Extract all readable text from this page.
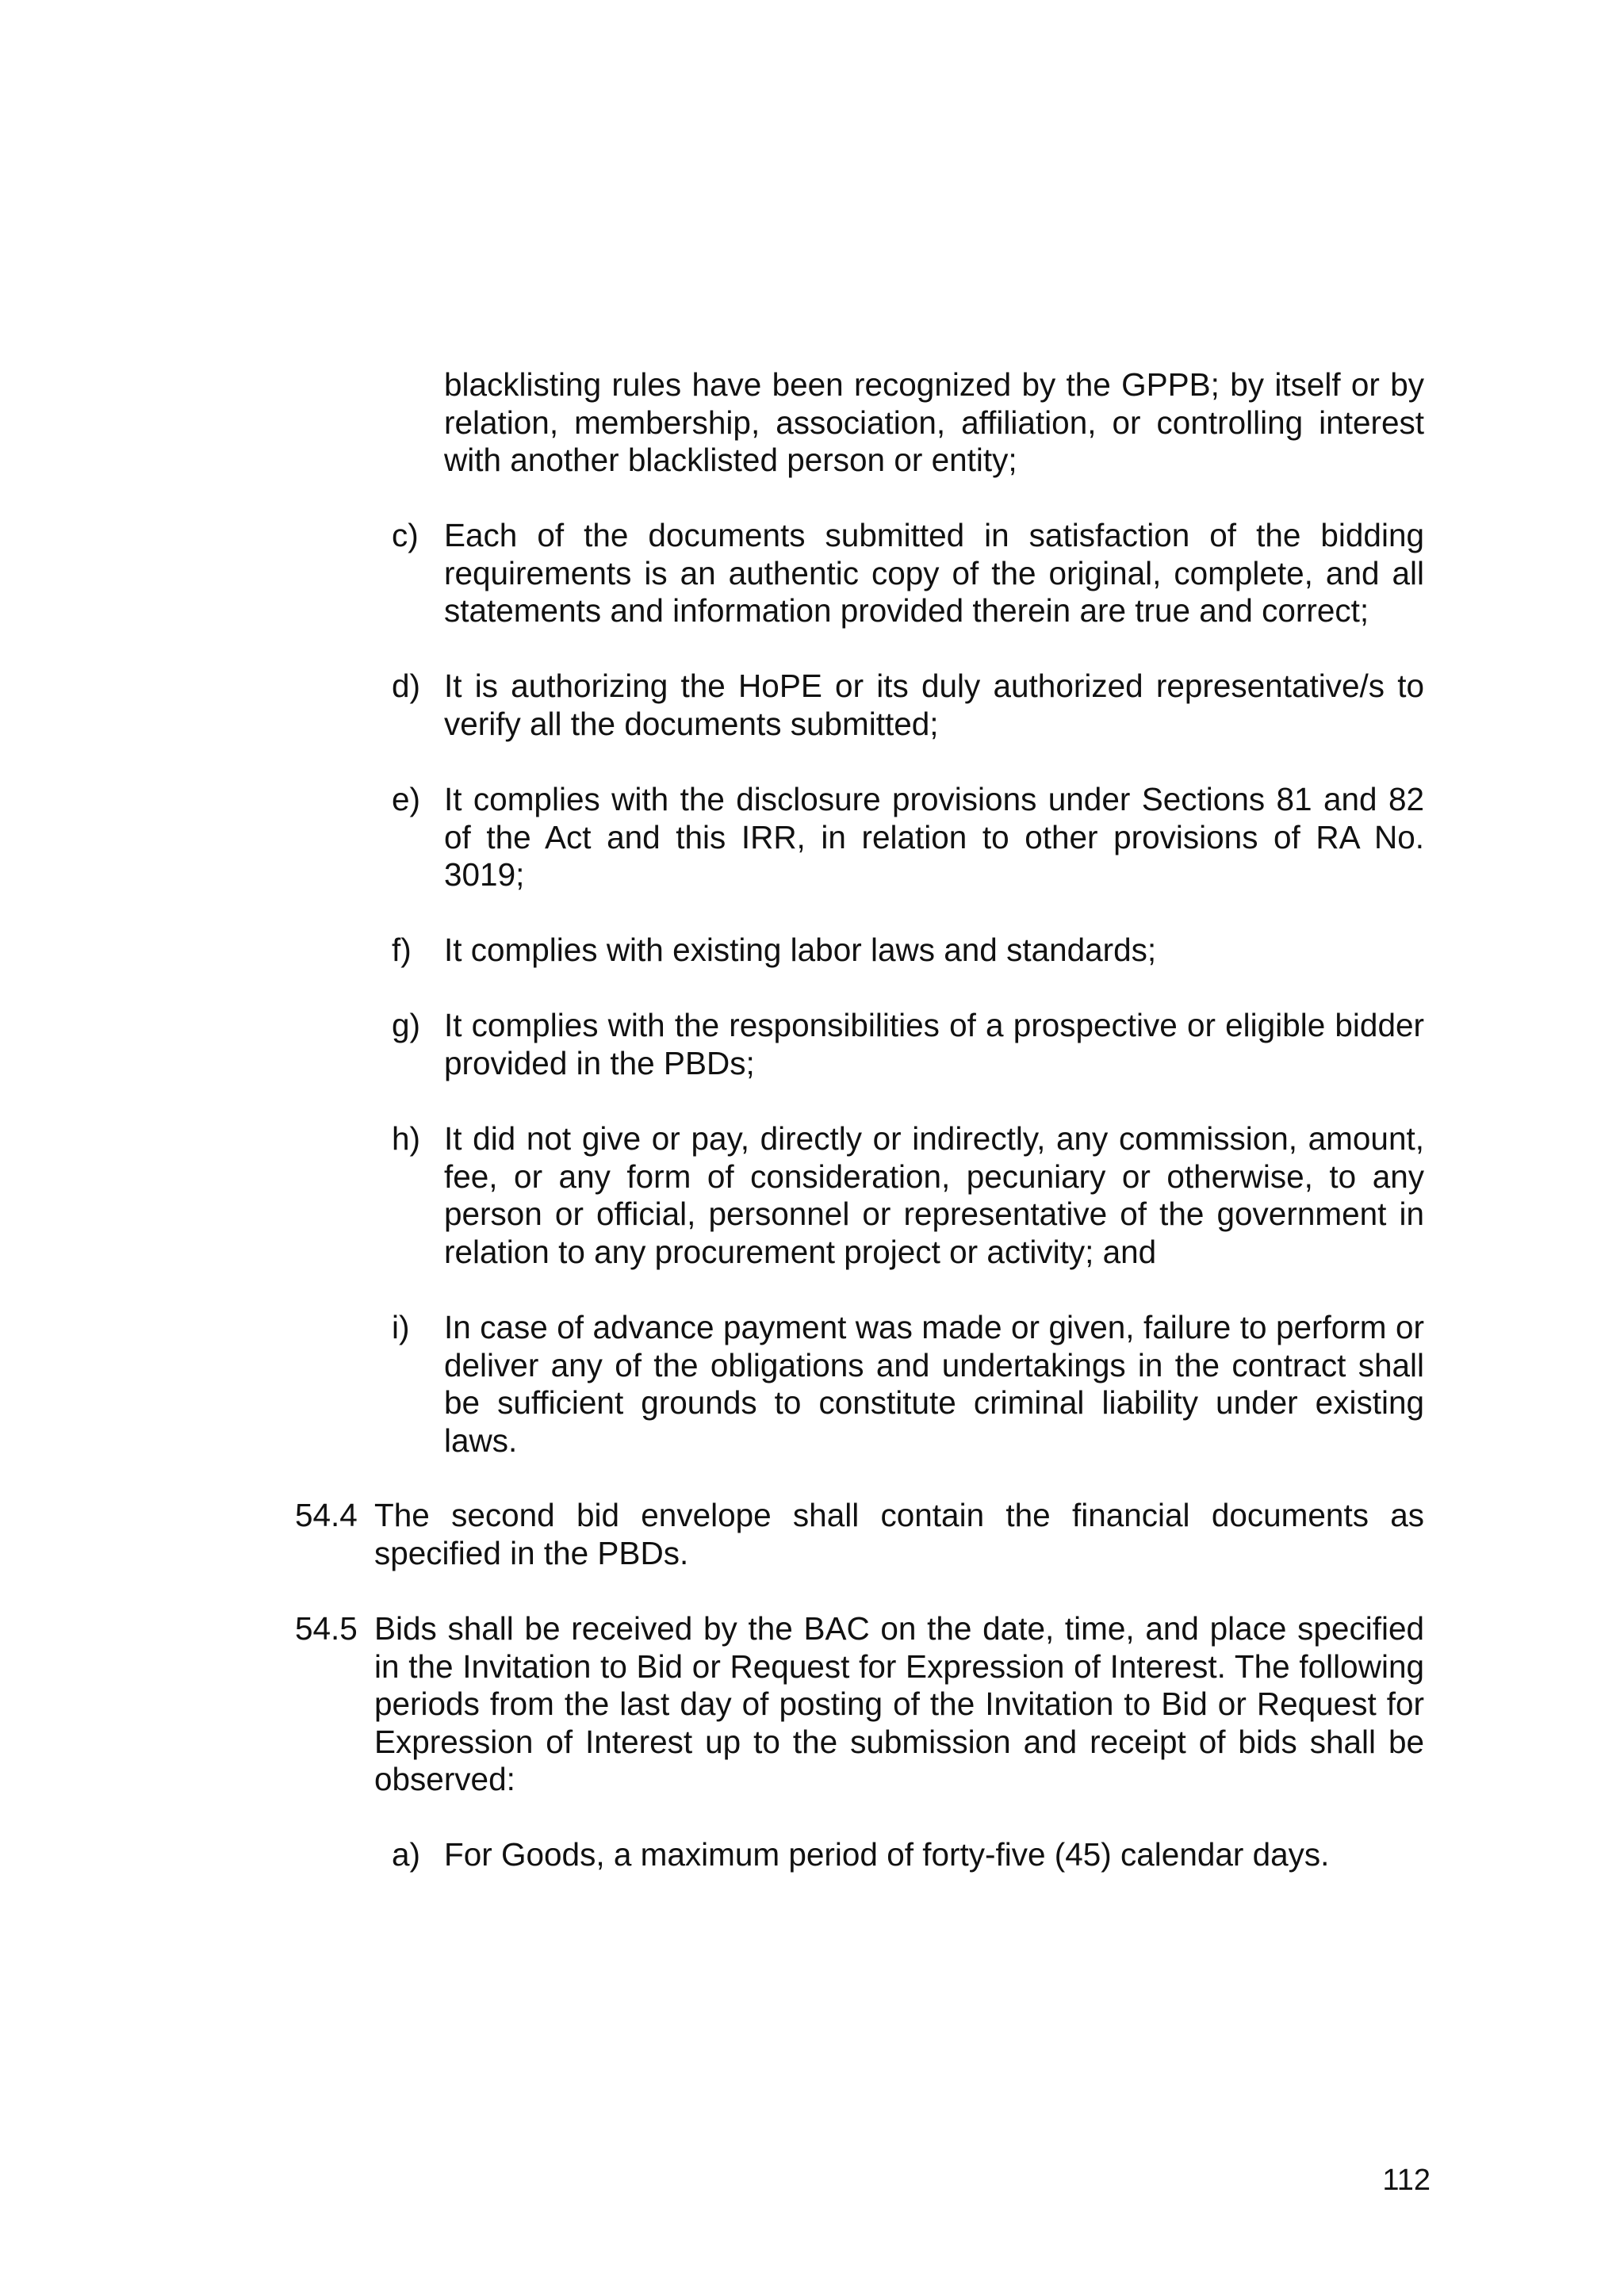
blacklisting rules have been recognized by the GPPB; by itself or by relation, membership, association, affiliation, or controlling interest with another blacklisted person or entity;

c) Each of the documents submitted in satisfaction of the bidding requirements is an authentic copy of the original, complete, and all statements and information provided therein are true and correct;

d) It is authorizing the HoPE or its duly authorized representative/s to verify all the documents submitted;

e) It complies with the disclosure provisions under Sections 81 and 82 of the Act and this IRR, in relation to other provisions of RA No. 3019;

f)	It complies with existing labor laws and standards;

g) It complies with the responsibilities of a prospective or eligible bidder provided in the PBDs;

h) It did not give or pay, directly or indirectly, any commission, amount, fee, or any form of consideration, pecuniary or otherwise, to any person or official, personnel or representative of the government in relation to any procurement project or activity; and

i)	In case of advance payment was made or given, failure to perform or deliver any of the obligations and undertakings in the contract shall be sufficient grounds to constitute criminal liability under existing laws.

54.4 The second bid envelope shall contain the financial documents as specified in the PBDs.

54.5 Bids shall be received by the BAC on the date, time, and place specified in the Invitation to Bid or Request for Expression of Interest. The following periods from the last day of posting of the Invitation to Bid or Request for Expression of Interest up to the submission and receipt of bids shall be observed:

a) For Goods, a maximum period of forty-five (45) calendar days.

112
